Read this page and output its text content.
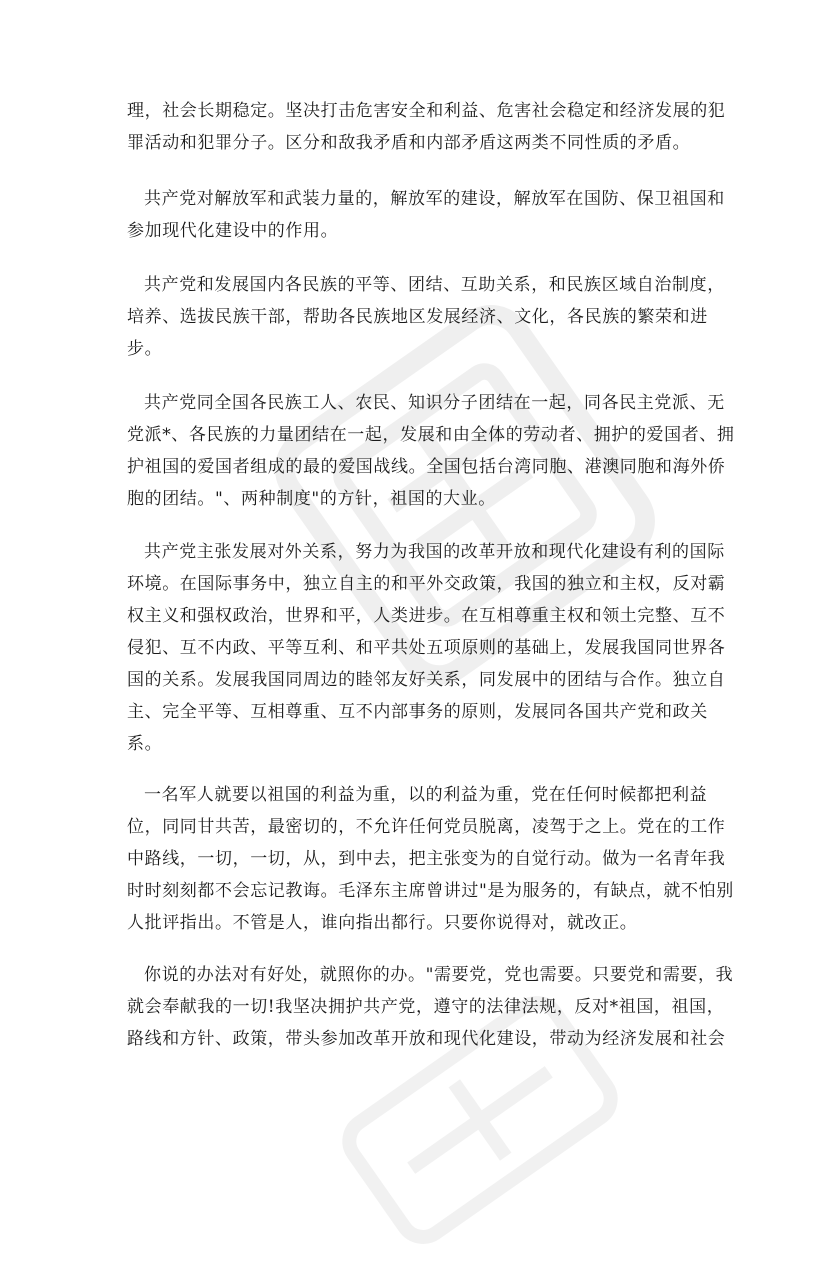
理，社会长期稳定。坚决打击危害安全和利益、危害社会稳定和经济发展的犯
罪活动和犯罪分子。区分和敌我矛盾和内部矛盾这两类不同性质的矛盾。
共产党对解放军和武装力量的，解放军的建设，解放军在国防、保卫祖国和
参加现代化建设中的作用。
共产党和发展国内各民族的平等、团结、互助关系，和民族区域自治制度，
培养、选拔民族干部，帮助各民族地区发展经济、文化，各民族的繁荣和进
步。
共产党同全国各民族工人、农民、知识分子团结在一起，同各民主党派、无
党派*、各民族的力量团结在一起，发展和由全体的劳动者、拥护的爱国者、拥
护祖国的爱国者组成的最的爱国战线。全国包括台湾同胞、港澳同胞和海外侨
胞的团结。"、两种制度"的方针，祖国的大业。
共产党主张发展对外关系，努力为我国的改革开放和现代化建设有利的国际
环境。在国际事务中，独立自主的和平外交政策，我国的独立和主权，反对霸
权主义和强权政治，世界和平，人类进步。在互相尊重主权和领土完整、互不
侵犯、互不内政、平等互利、和平共处五项原则的基础上，发展我国同世界各
国的关系。发展我国同周边的睦邻友好关系，同发展中的团结与合作。独立自
主、完全平等、互相尊重、互不内部事务的原则，发展同各国共产党和政关
系。
一名军人就要以祖国的利益为重，以的利益为重，党在任何时候都把利益
位，同同甘共苦，最密切的，不允许任何党员脱离，凌驾于之上。党在的工作
中路线，一切，一切，从，到中去，把主张变为的自觉行动。做为一名青年我
时时刻刻都不会忘记教诲。毛泽东主席曾讲过"是为服务的，有缺点，就不怕别
人批评指出。不管是人，谁向指出都行。只要你说得对，就改正。
你说的办法对有好处，就照你的办。"需要党，党也需要。只要党和需要，我
就会奉献我的一切!我坚决拥护共产党，遵守的法律法规，反对*祖国，祖国，
路线和方针、政策，带头参加改革开放和现代化建设，带动为经济发展和社会
